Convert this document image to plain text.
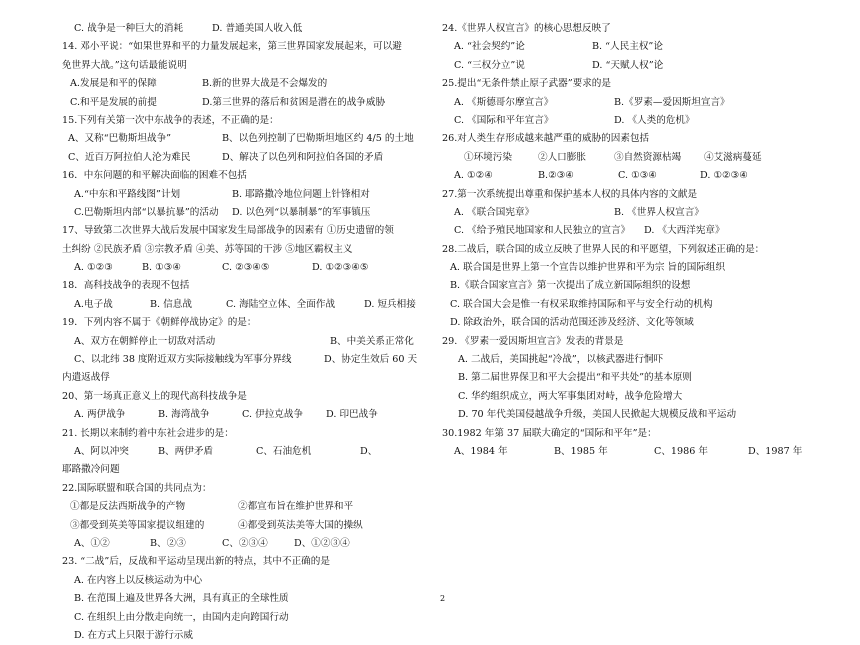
C. 战争是一种巨大的消耗	D. 普通美国人收入低
14. 邓小平说：“如果世界和平的力量发展起来，第三世界国家发展起来，可以避
免世界大战。”这句话最能说明
A.发展是和平的保障	B.新的世界大战是不会爆发的
C.和平是发展的前提	D.第三世界的落后和贫困是潜在的战争威胁
15.下列有关第一次中东战争的表述，不正确的是：
A、又称“巴勒斯坦战争”	B、以色列控制了巴勒斯坦地区约 4/5 的土地
C、近百万阿拉伯人沦为难民	D、解决了以色列和阿拉伯各国的矛盾
16．中东问题的和平解决面临的困难不包括
A.“中东和平路线图”计划	B. 耶路撒冷地位问题上针锋相对
C.巴勒斯坦内部“以暴抗暴”的活动 D. 以色列“以暴制暴”的军事镇压
17、导致第二次世界大战后发展中国家发生局部战争的因素有 ①历史遗留的领
土纠纷 ②民族矛盾 ③宗教矛盾 ④美、苏等国的干涉 ⑤地区霸权主义
A. ①②③	B. ①③④	C. ②③④⑤	D. ①②③④⑤
18．高科技战争的表现不包括
A.电子战	B. 信息战	C. 海陆空立体、全面作战	D. 短兵相接
19．下列内容不属于《朝鲜停战协定》的是：
A、双方在朝鲜停止一切敌对活动	B、中美关系正常化
C、以北纬 38 度附近双方实际接触线为军事分界线	D、协定生效后 60 天
内遣返战俘
20、第一场真正意义上的现代高科技战争是
A. 两伊战争	B. 海湾战争	C. 伊拉克战争 D. 印巴战争
21. 长期以来制约着中东社会进步的是：
A、阿以冲突	B、两伊矛盾	C、石油危机	D、
耶路撒冷问题
22.国际联盟和联合国的共同点为：
①都是反法西斯战争的产物	②都宣布旨在维护世界和平
③都受到英美等国家提议组建的	④都受到英法美等大国的操纵
A、①②	B、②③	C、②③④	D、①②③④
23. “二战”后，反战和平运动呈现出新的特点，其中不正确的是
A. 在内容上以反核运动为中心
B. 在范围上遍及世界各大洲，具有真正的全球性质
C. 在组织上由分散走向统一，由国内走向跨国行动
D. 在方式上只限于游行示威
24.《世界人权宣言》的核心思想反映了
A. “社会契约”论	B. “人民主权”论
C. “三权分立”说	D. “天赋人权”论
25.提出“无条件禁止原子武器”要求的是
A. 《斯德哥尔摩宣言》	B.《罗素—爱因斯坦宣言》
C. 《国际和平年宣言》	D. 《人类的危机》
26.对人类生存形成越来越严重的威胁的因素包括
①环境污染	②人口膨胀	③自然资源枯竭 ④艾滋病蔓延
A. ①②④	B.②③④	C. ①③④	D. ①②③④
27.第一次系统提出尊重和保护基本人权的具体内容的文献是
A. 《联合国宪章》	B. 《世界人权宣言》
C. 《给予殖民地国家和人民独立的宣言》 D. 《大西洋宪章》
28.二战后，联合国的成立反映了世界人民的和平愿望，下列叙述正确的是：
A. 联合国是世界上第一个宣告以维护世界和平为宗 旨的国际组织
B.《联合国家宣言》第一次提出了成立新国际组织的设想
C. 联合国大会是惟一有权采取维持国际和平与安全行动的机构
D. 除政治外，联合国的活动范围还涉及经济、文化等领域
29. 《罗素一爱因斯坦宣言》发表的背景是
A. 二战后，美国挑起“冷战”，以核武器进行恫吓
B. 第二届世界保卫和平大会提出“和平共处”的基本原则
C. 华约组织成立，两大军事集团对峙，战争危险增大
D. 70 年代美国侵越战争升级，美国人民掀起大规模反战和平运动
30.1982 年第 37 届联大确定的“国际和平年”是：
A、1984 年	B、1985 年	C、1986 年	D、1987 年
2
